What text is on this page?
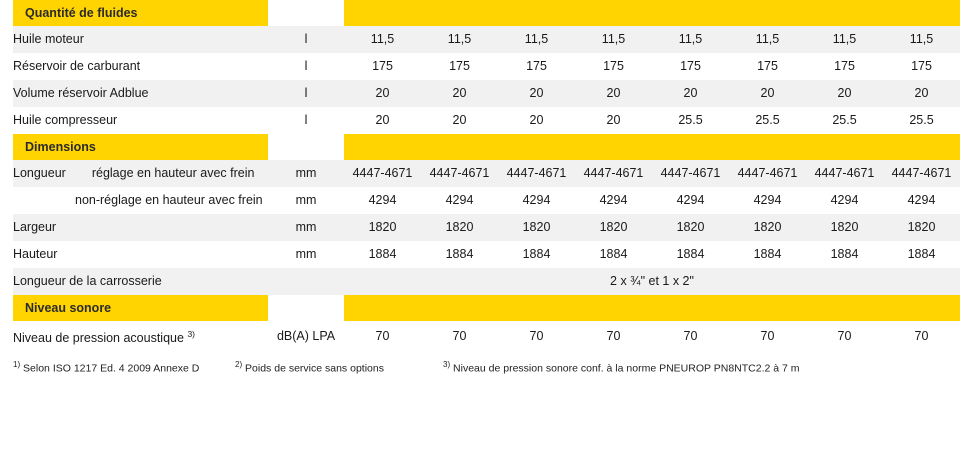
Quantité de fluides									
Huile moteur	l	11,5	11,5	11,5	11,5	11,5	11,5	11,5	11,5
Réservoir de carburant	l	175	175	175	175	175	175	175	175
Volume réservoir Adblue	l	20	20	20	20	20	20	20	20
Huile compresseur	l	20	20	20	20	25.5	25.5	25.5	25.5
Dimensions									
Longueur réglage en hauteur avec frein	mm	4447-4671	4447-4671	4447-4671	4447-4671	4447-4671	4447-4671	4447-4671	4447-4671
non-réglage en hauteur avec frein	mm	4294	4294	4294	4294	4294	4294	4294	4294
Largeur	mm	1820	1820	1820	1820	1820	1820	1820	1820
Hauteur	mm	1884	1884	1884	1884	1884	1884	1884	1884
Longueur de la carrosserie		2 x ¾" et 1 x 2"							
Niveau sonore									
Niveau de pression acoustique $^{3)}$	dB(A) LPA	70	70	70	70	70	70	70	70
$^{1)}$ Selon ISO 1217 Ed. 4 2009 Annexe D	$^{2)}$ Poids de service sans options	$^{3)}$ Niveau de pression sonore conf. à la norme PNEUROP PN8NTC2.2 à 7 m
